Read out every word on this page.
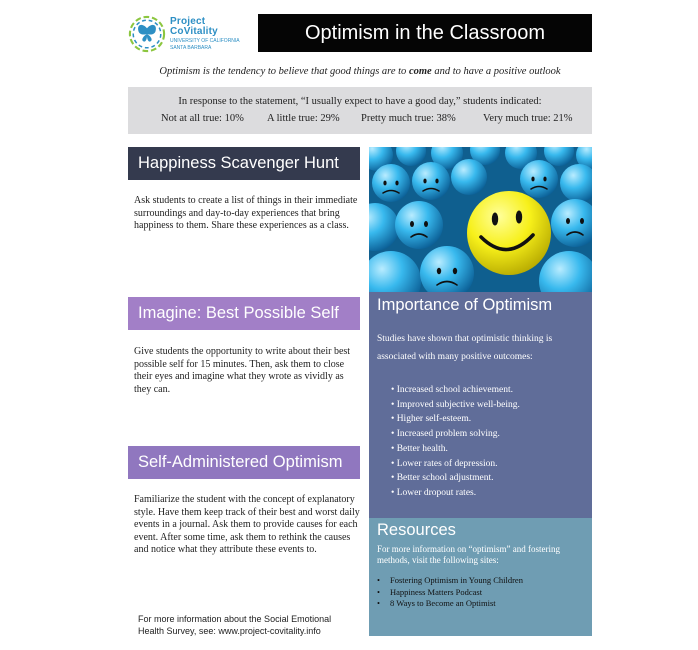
Project CoVitality
UNIVERSITY OF CALIFORNIA
SANTA BARBARA
Optimism in the Classroom
Optimism is the tendency to believe that good things are to come and to have a positive outlook
In response to the statement, “I usually expect to have a good day,” students indicated:
Not at all true: 10% A little true: 29% Pretty much true: 38%	Very much true: 21%
Happiness Scavenger Hunt
Ask students to create a list of things in their immediate surroundings and day-to-day experiences that bring happiness to them. Share these experiences as a class.
Imagine: Best Possible Self
Give students the opportunity to write about their best possible self for 15 minutes. Then, ask them to close their eyes and imagine what they wrote as vividly as they can.
Self-Administered Optimism
Familiarize the student with the concept of explanatory style. Have them keep track of their best and worst daily events in a journal. Ask them to provide causes for each event. After some time, ask them to rethink the causes and notice what they attribute these events to.
For more information about the Social Emotional
Health Survey, see: www.project-covitality.info
Importance of Optimism
Studies have shown that optimistic thinking is associated with many positive outcomes:
• Increased school achievement.
• Improved subjective well-being.
• Higher self-esteem.
• Increased problem solving.
• Better health.
• Lower rates of depression.
• Better school adjustment.
• Lower dropout rates.
Resources
For more information on “optimism” and fostering methods, visit the following sites:
• Fostering Optimism in Young Children
• Happiness Matters Podcast
• 8 Ways to Become an Optimist
